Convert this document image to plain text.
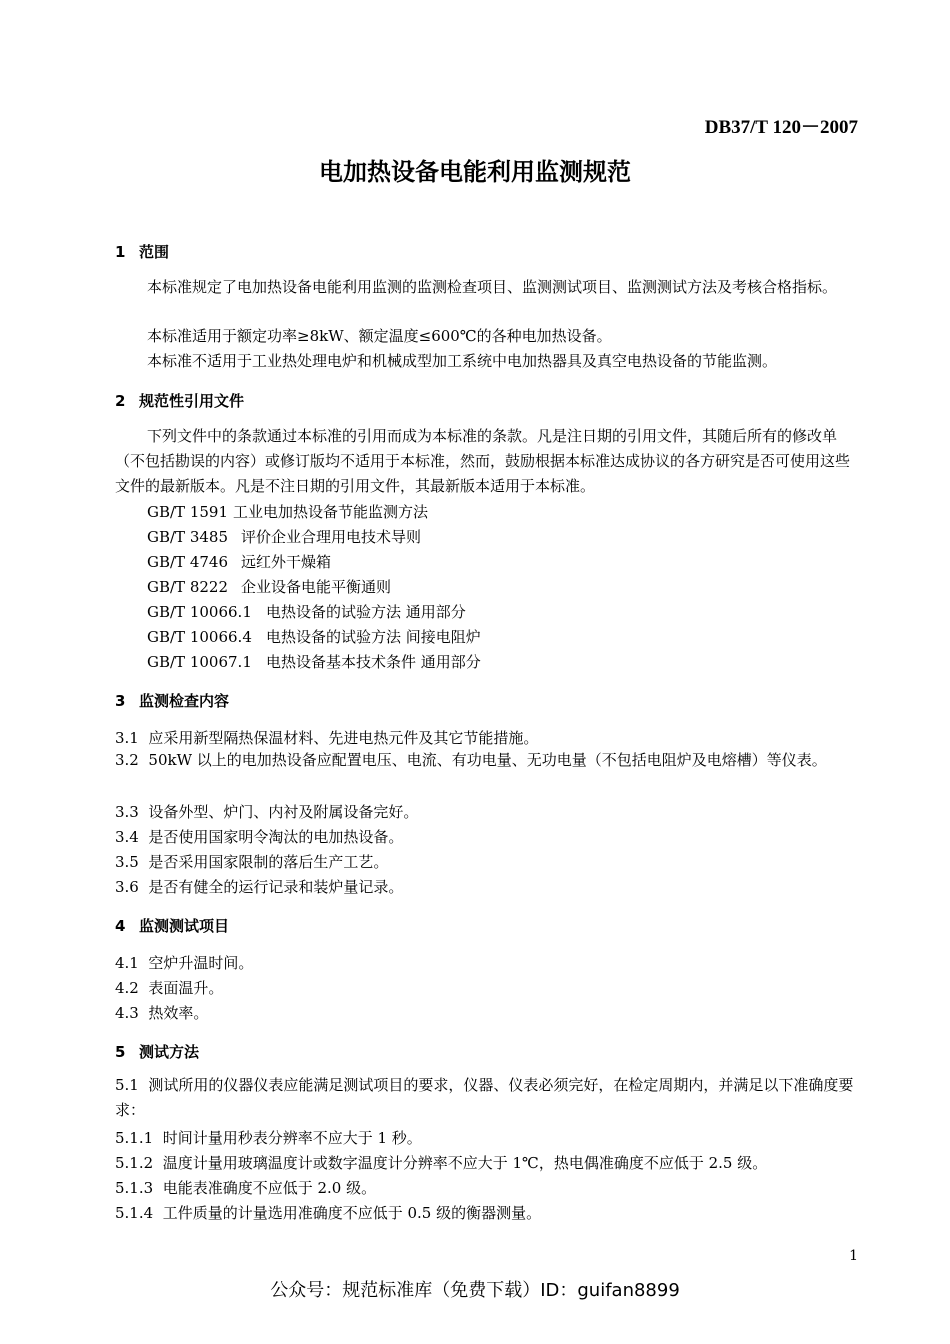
DB37/T 120－2007
电加热设备电能利用监测规范
1 范围
本标准规定了电加热设备电能利用监测的监测检查项目、监测测试项目、监测测试方法及考核合格指标。
本标准适用于额定功率≥8kW、额定温度≤600℃的各种电加热设备。
本标准不适用于工业热处理电炉和机械成型加工系统中电加热器具及真空电热设备的节能监测。
2 规范性引用文件
下列文件中的条款通过本标准的引用而成为本标准的条款。凡是注日期的引用文件，其随后所有的修改单（不包括勘误的内容）或修订版均不适用于本标准，然而，鼓励根据本标准达成协议的各方研究是否可使用这些文件的最新版本。凡是不注日期的引用文件，其最新版本适用于本标准。
GB/T 1591 工业电加热设备节能监测方法
GB/T 3485 评价企业合理用电技术导则
GB/T 4746 远红外干燥箱
GB/T 8222 企业设备电能平衡通则
GB/T 10066.1 电热设备的试验方法 通用部分
GB/T 10066.4 电热设备的试验方法 间接电阻炉
GB/T 10067.1 电热设备基本技术条件 通用部分
3 监测检查内容
3.1 应采用新型隔热保温材料、先进电热元件及其它节能措施。
3.2 50kW 以上的电加热设备应配置电压、电流、有功电量、无功电量（不包括电阻炉及电熔槽）等仪表。
3.3 设备外型、炉门、内衬及附属设备完好。
3.4 是否使用国家明令淘汰的电加热设备。
3.5 是否采用国家限制的落后生产工艺。
3.6 是否有健全的运行记录和装炉量记录。
4 监测测试项目
4.1 空炉升温时间。
4.2 表面温升。
4.3 热效率。
5 测试方法
5.1 测试所用的仪器仪表应能满足测试项目的要求，仪器、仪表必须完好，在检定周期内，并满足以下准确度要求：
5.1.1 时间计量用秒表分辨率不应大于 1 秒。
5.1.2 温度计量用玻璃温度计或数字温度计分辨率不应大于 1℃，热电偶准确度不应低于 2.5 级。
5.1.3 电能表准确度不应低于 2.0 级。
5.1.4 工件质量的计量选用准确度不应低于 0.5 级的衡器测量。
1
公众号：规范标准库（免费下载）ID：guifan8899
